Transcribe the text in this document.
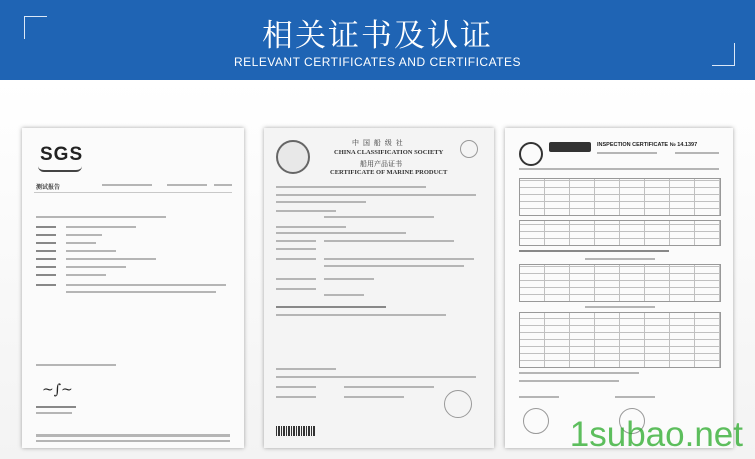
相关证书及认证
RELEVANT CERTIFICATES AND CERTIFICATES
SGS
测试报告
~∫~
中 国 船 级 社
CHINA CLASSIFICATION SOCIETY
船用产品证书
CERTIFICATE OF MARINE PRODUCT
INSPECTION CERTIFICATE № 14.1397
1subao.net
